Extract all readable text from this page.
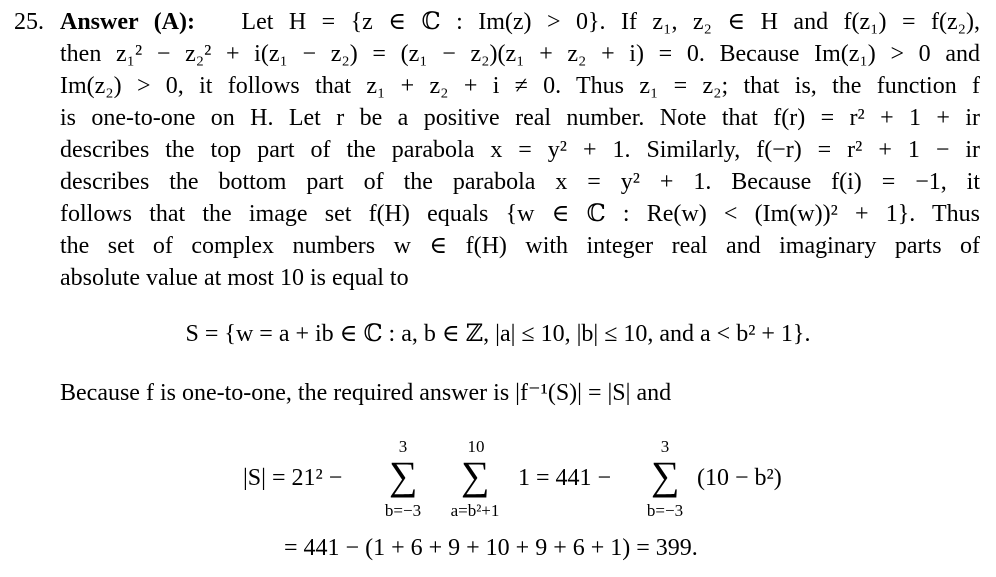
25. Answer (A): Let H = {z ∈ ℂ : Im(z) > 0}. If z₁, z₂ ∈ H and f(z₁) = f(z₂),
then z₁² − z₂² + i(z₁ − z₂) = (z₁ − z₂)(z₁ + z₂ + i) = 0. Because Im(z₁) > 0 and
Im(z₂) > 0, it follows that z₁ + z₂ + i ≠ 0. Thus z₁ = z₂; that is, the function f
is one-to-one on H. Let r be a positive real number. Note that f(r) = r² + 1 + ir
describes the top part of the parabola x = y² + 1. Similarly, f(−r) = r² + 1 − ir
describes the bottom part of the parabola x = y² + 1. Because f(i) = −1, it
follows that the image set f(H) equals {w ∈ ℂ : Re(w) < (Im(w))² + 1}. Thus
the set of complex numbers w ∈ f(H) with integer real and imaginary parts of
absolute value at most 10 is equal to
S = {w = a + ib ∈ ℂ : a, b ∈ ℤ, |a| ≤ 10, |b| ≤ 10, and a < b² + 1}.
Because f is one-to-one, the required answer is |f⁻¹(S)| = |S| and
|S| = 21² −
3
∑
b=−3
10
∑
a=b²+1
1 = 441 −
3
∑
b=−3
(10 − b²)
= 441 − (1 + 6 + 9 + 10 + 9 + 6 + 1) = 399.
